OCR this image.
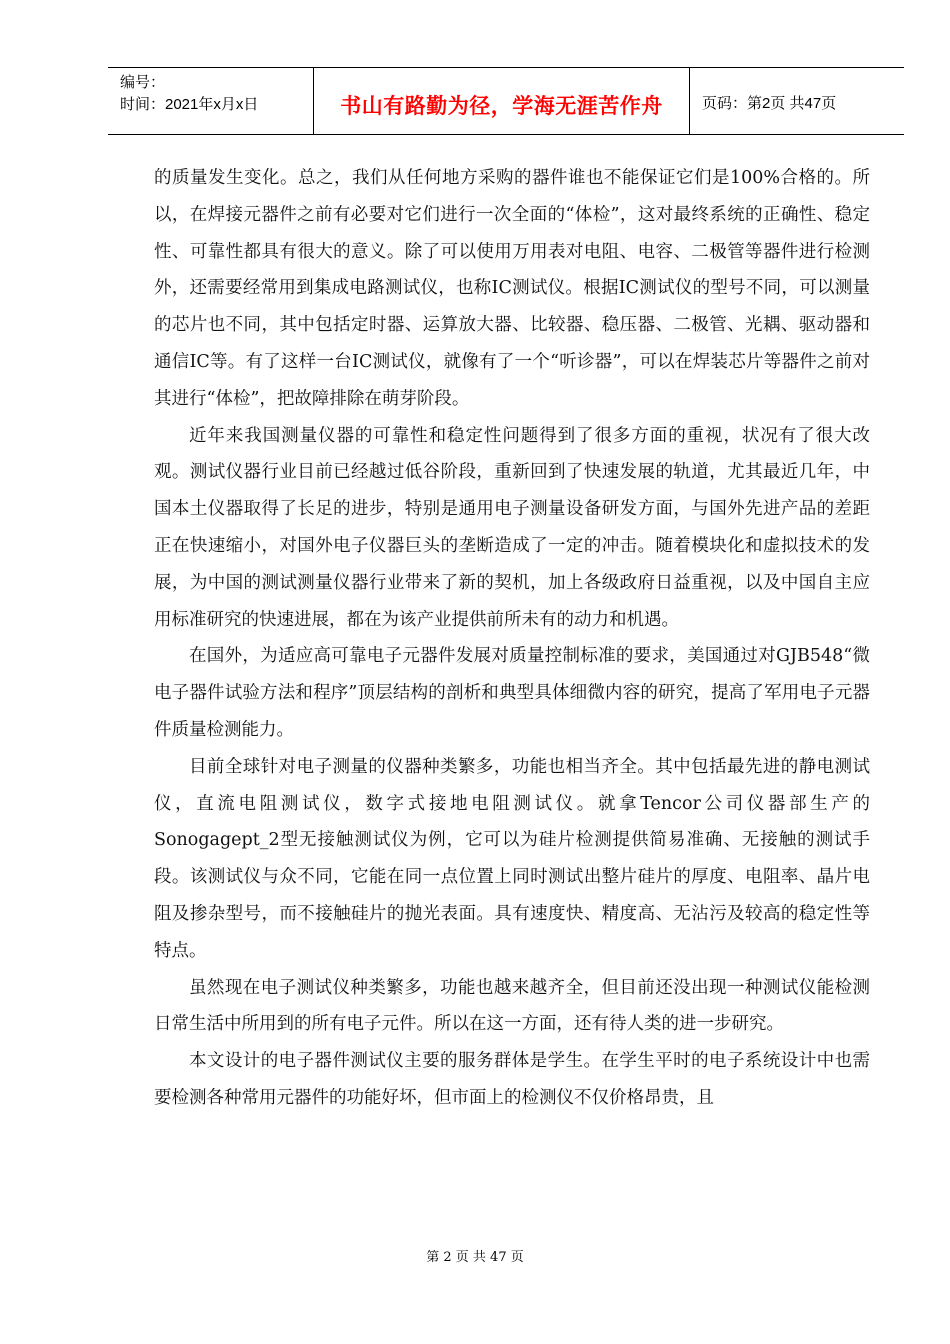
编号：
时间：2021年x月x日	书山有路勤为径，学海无涯苦作舟	页码：第2页 共47页

的质量发生变化。总之，我们从任何地方采购的器件谁也不能保证它们是100%合格的。所以，在焊接元器件之前有必要对它们进行一次全面的“体检”，这对最终系统的正确性、稳定性、可靠性都具有很大的意义。除了可以使用万用表对电阻、电容、二极管等器件进行检测外，还需要经常用到集成电路测试仪，也称IC测试仪。根据IC测试仪的型号不同，可以测量的芯片也不同，其中包括定时器、运算放大器、比较器、稳压器、二极管、光耦、驱动器和通信IC等。有了这样一台IC测试仪，就像有了一个“听诊器”，可以在焊装芯片等器件之前对其进行“体检”，把故障排除在萌芽阶段。

近年来我国测量仪器的可靠性和稳定性问题得到了很多方面的重视，状况有了很大改观。测试仪器行业目前已经越过低谷阶段，重新回到了快速发展的轨道，尤其最近几年，中国本土仪器取得了长足的进步，特别是通用电子测量设备研发方面，与国外先进产品的差距正在快速缩小，对国外电子仪器巨头的垄断造成了一定的冲击。随着模块化和虚拟技术的发展，为中国的测试测量仪器行业带来了新的契机，加上各级政府日益重视，以及中国自主应用标准研究的快速进展，都在为该产业提供前所未有的动力和机遇。

在国外，为适应高可靠电子元器件发展对质量控制标准的要求，美国通过对GJB548“微电子器件试验方法和程序”顶层结构的剖析和典型具体细微内容的研究，提高了军用电子元器件质量检测能力。

目前全球针对电子测量的仪器种类繁多，功能也相当齐全。其中包括最先进的静电测试仪，直流电阻测试仪，数字式接地电阻测试仪。就拿Tencor公司仪器部生产的Sonogagept_2型无接触测试仪为例，它可以为硅片检测提供简易准确、无接触的测试手段。该测试仪与众不同，它能在同一点位置上同时测试出整片硅片的厚度、电阻率、晶片电阻及掺杂型号，而不接触硅片的抛光表面。具有速度快、精度高、无沾污及较高的稳定性等特点。

虽然现在电子测试仪种类繁多，功能也越来越齐全，但目前还没出现一种测试仪能检测日常生活中所用到的所有电子元件。所以在这一方面，还有待人类的进一步研究。

本文设计的电子器件测试仪主要的服务群体是学生。在学生平时的电子系统设计中也需要检测各种常用元器件的功能好坏，但市面上的检测仪不仅价格昂贵，且

第 2 页 共 47 页
